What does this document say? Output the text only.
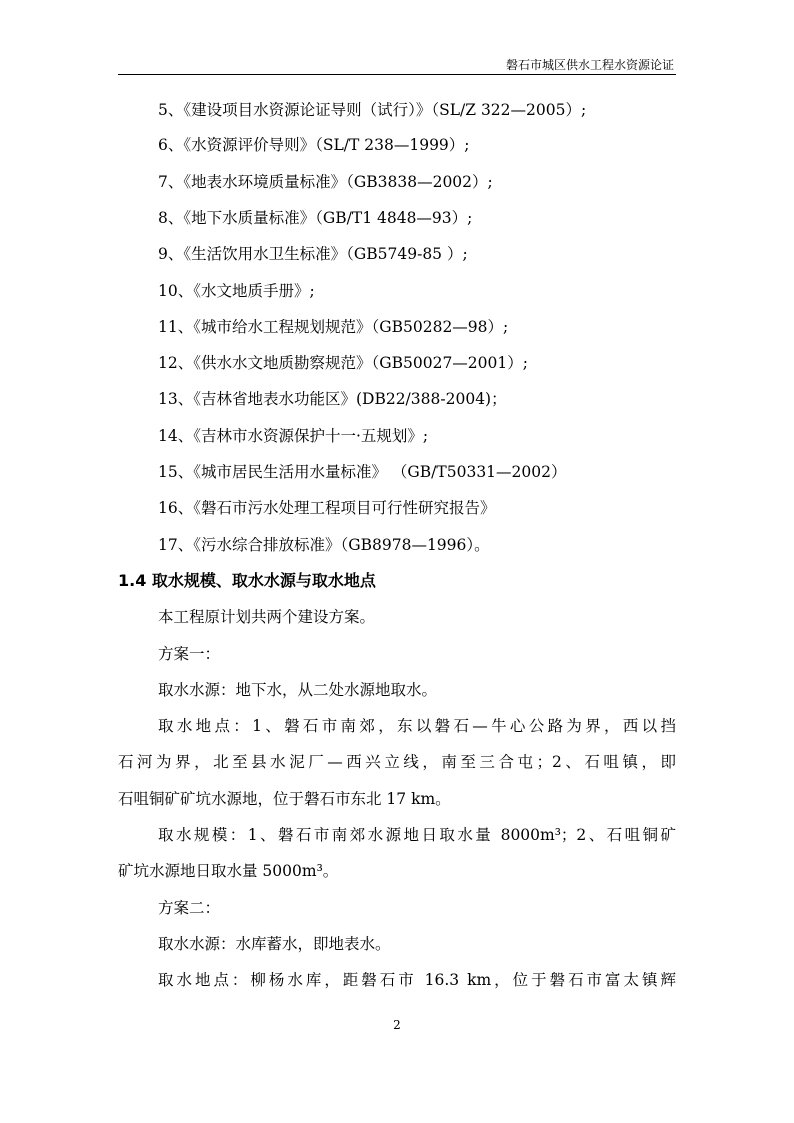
磐石市城区供水工程水资源论证
5、《建设项目水资源论证导则（试行）》（SL/Z 322—2005）;
6、《水资源评价导则》（SL/T 238—1999）;
7、《地表水环境质量标准》（GB3838—2002）;
8、《地下水质量标准》（GB/T1 4848—93）;
9、《生活饮用水卫生标准》（GB5749-85 ）;
10、《水文地质手册》;
11、《城市给水工程规划规范》（GB50282—98）;
12、《供水水文地质勘察规范》（GB50027—2001）;
13、《吉林省地表水功能区》(DB22/388-2004)；
14、《吉林市水资源保护十一·五规划》;
15、《城市居民生活用水量标准》 （GB/T50331—2002）
16、《磐石市污水处理工程项目可行性研究报告》
17、《污水综合排放标准》（GB8978—1996）。
1.4 取水规模、取水水源与取水地点
本工程原计划共两个建设方案。
方案一：
取水水源：地下水，从二处水源地取水。
取水地点：1、磐石市南郊，东以磐石—牛心公路为界，西以挡
石河为界，北至县水泥厂—西兴立线，南至三合屯；2、石咀镇，即
石咀铜矿矿坑水源地，位于磐石市东北 17 km。
取水规模：1、磐石市南郊水源地日取水量 8000m³；2、石咀铜矿
矿坑水源地日取水量 5000m³。
方案二：
取水水源：水库蓄水，即地表水。
取水地点：柳杨水库，距磐石市 16.3 km，位于磐石市富太镇辉
2
